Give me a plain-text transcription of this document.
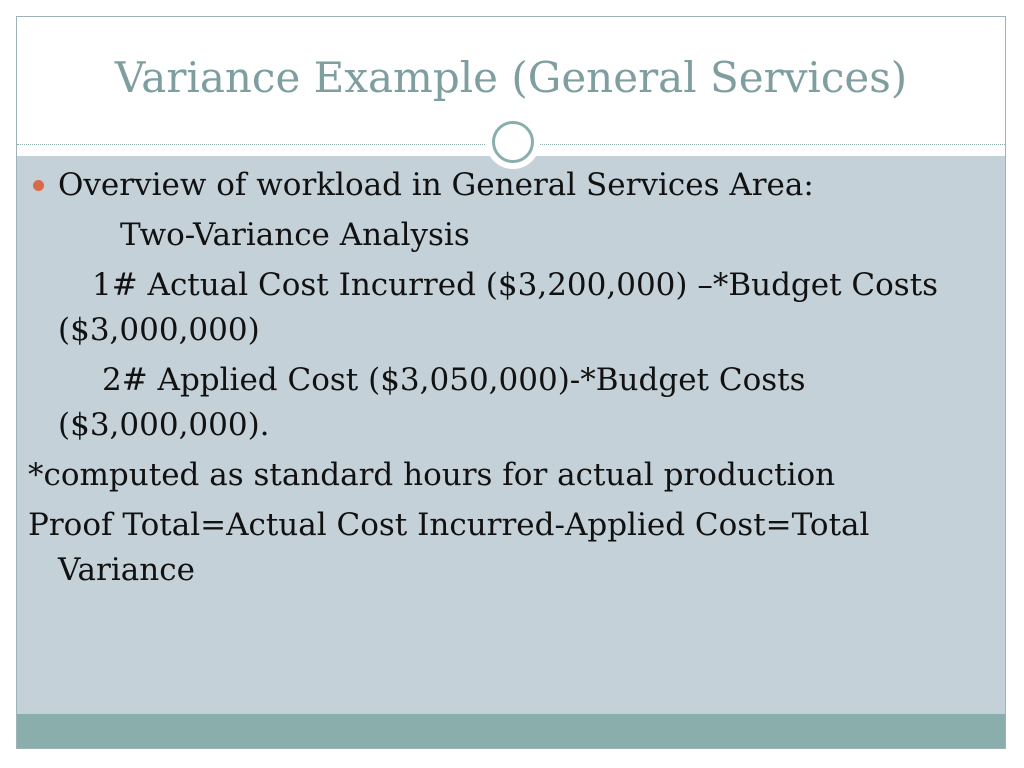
Variance Example (General Services)

Overview of workload in General Services Area:

Two-Variance Analysis

1# Actual Cost Incurred ($3,200,000) –*Budget Costs ($3,000,000)

2# Applied Cost ($3,050,000)-*Budget Costs ($3,000,000).

*computed as standard hours for actual production

Proof Total=Actual Cost Incurred-Applied Cost=Total Variance
